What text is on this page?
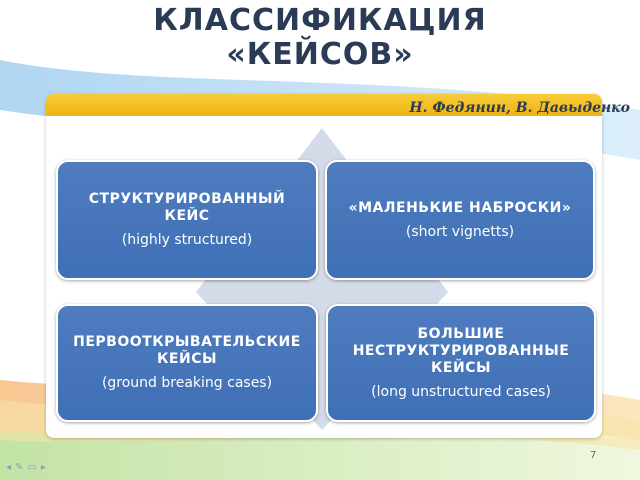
КЛАССИФИКАЦИЯ
«КЕЙСОВ»
Н. Федянин, В. Давыденко
СТРУКТУРИРОВАННЫЙ КЕЙС
(highly structured)
«МАЛЕНЬКИЕ НАБРОСКИ»
(short vignetts)
ПЕРВООТКРЫВАТЕЛЬСКИЕ КЕЙСЫ
(ground breaking cases)
БОЛЬШИЕ НЕСТРУКТУРИРОВАННЫЕ КЕЙСЫ
(long unstructured cases)
7
◂✎▭▸
